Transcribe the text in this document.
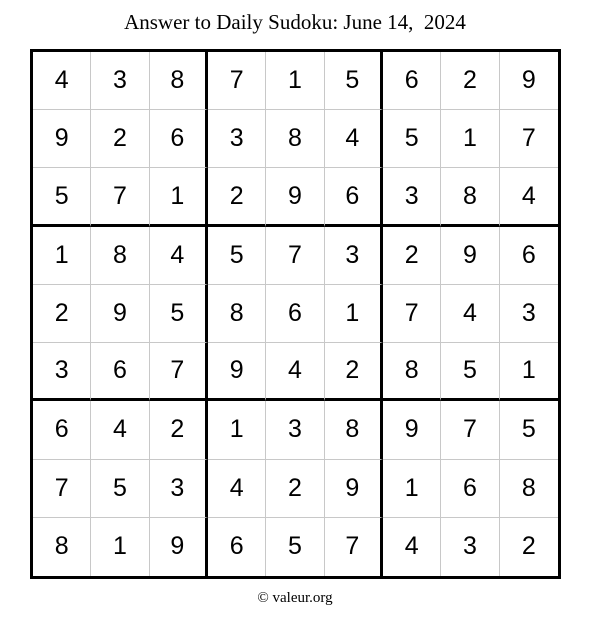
Answer to Daily Sudoku: June 14,  2024
4	3	8	7	1	5	6	2	9
9	2	6	3	8	4	5	1	7
5	7	1	2	9	6	3	8	4
1	8	4	5	7	3	2	9	6
2	9	5	8	6	1	7	4	3
3	6	7	9	4	2	8	5	1
6	4	2	1	3	8	9	7	5
7	5	3	4	2	9	1	6	8
8	1	9	6	5	7	4	3	2
© valeur.org
